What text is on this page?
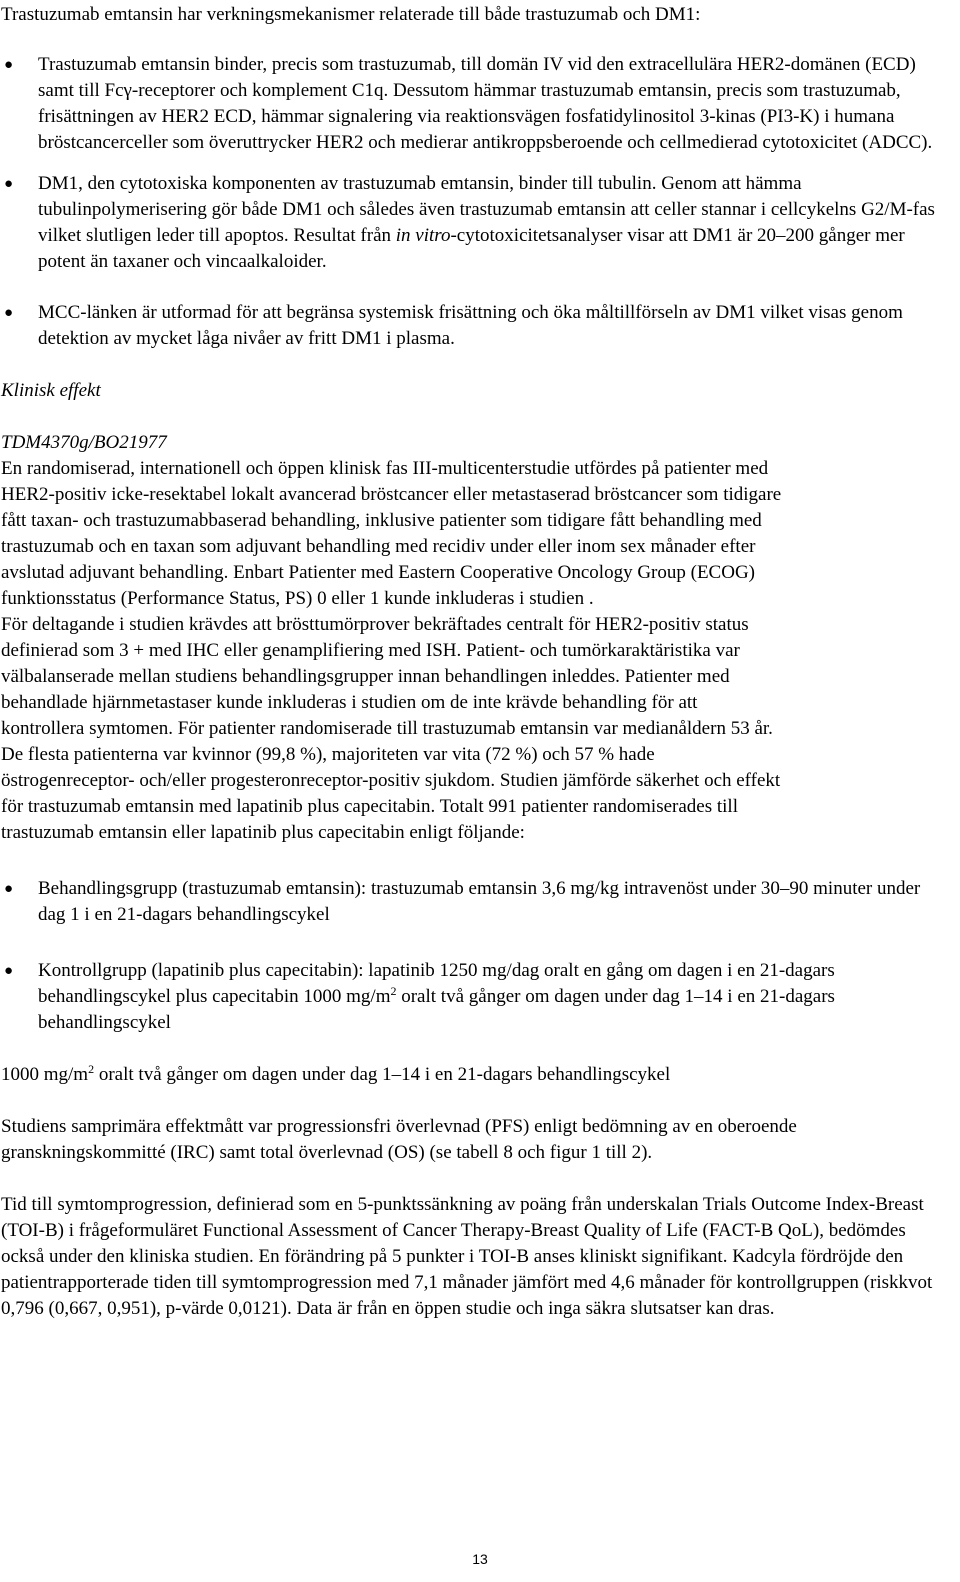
Trastuzumab emtansin har verkningsmekanismer relaterade till både trastuzumab och DM1:

● Trastuzumab emtansin binder, precis som trastuzumab, till domän IV vid den extracellulära HER2-domänen (ECD) samt till Fcγ-receptorer och komplement C1q. Dessutom hämmar trastuzumab emtansin, precis som trastuzumab, frisättningen av HER2 ECD, hämmar signalering via reaktionsvägen fosfatidylinositol 3-kinas (PI3-K) i humana bröstcancerceller som överuttrycker HER2 och medierar antikroppsberoende och cellmedierad cytotoxicitet (ADCC).
● DM1, den cytotoxiska komponenten av trastuzumab emtansin, binder till tubulin. Genom att hämma tubulinpolymerisering gör både DM1 och således även trastuzumab emtansin att celler stannar i cellcykelns G2/M-fas vilket slutligen leder till apoptos. Resultat från in vitro-cytotoxicitetsanalyser visar att DM1 är 20–200 gånger mer potent än taxaner och vincaalkaloider.
● MCC-länken är utformad för att begränsa systemisk frisättning och öka måltillförseln av DM1 vilket visas genom detektion av mycket låga nivåer av fritt DM1 i plasma.

Klinisk effekt

TDM4370g/BO21977

En randomiserad, internationell och öppen klinisk fas III-multicenterstudie utfördes på patienter med
HER2-positiv icke-resektabel lokalt avancerad bröstcancer eller metastaserad bröstcancer som tidigare
fått taxan- och trastuzumabbaserad behandling, inklusive patienter som tidigare fått behandling med
trastuzumab och en taxan som adjuvant behandling med recidiv under eller inom sex månader efter
avslutad adjuvant behandling. Enbart Patienter med Eastern Cooperative Oncology Group (ECOG)
funktionsstatus (Performance Status, PS) 0 eller 1 kunde inkluderas i studien .
För deltagande i studien krävdes att brösttumörprover bekräftades centralt för HER2-positiv status
definierad som 3 + med IHC eller genamplifiering med ISH. Patient- och tumörkaraktäristika var
välbalanserade mellan studiens behandlingsgrupper innan behandlingen inleddes. Patienter med
behandlade hjärnmetastaser kunde inkluderas i studien om de inte krävde behandling för att
kontrollera symtomen. För patienter randomiserade till trastuzumab emtansin var medianåldern 53 år.
De flesta patienterna var kvinnor (99,8 %), majoriteten var vita (72 %) och 57 % hade
östrogenreceptor- och/eller progesteronreceptor-positiv sjukdom. Studien jämförde säkerhet och effekt
för trastuzumab emtansin med lapatinib plus capecitabin. Totalt 991 patienter randomiserades till
trastuzumab emtansin eller lapatinib plus capecitabin enligt följande:
● Behandlingsgrupp (trastuzumab emtansin): trastuzumab emtansin 3,6 mg/kg intravenöst under 30–90 minuter under dag 1 i en 21-dagars behandlingscykel
● Kontrollgrupp (lapatinib plus capecitabin): lapatinib 1250 mg/dag oralt en gång om dagen i en 21-dagars behandlingscykel plus capecitabin 1000 $mg/m^2$ oralt två gånger om dagen under dag 1–14 i en 21-dagars behandlingscykel

1000 $mg/m^2$ oralt två gånger om dagen under dag 1–14 i en 21-dagars behandlingscykel

Studiens samprimära effektmått var progressionsfri överlevnad (PFS) enligt bedömning av en oberoende granskningskommitté (IRC) samt total överlevnad (OS) (se tabell 8 och figur 1 till 2).

Tid till symtomprogression, definierad som en 5-punktssänkning av poäng från underskalan Trials Outcome Index-Breast (TOI-B) i frågeformuläret Functional Assessment of Cancer Therapy-Breast Quality of Life (FACT-B QoL), bedömdes också under den kliniska studien. En förändring på 5 punkter i TOI-B anses kliniskt signifikant. Kadcyla fördröjde den patientrapporterade tiden till symtomprogression med 7,1 månader jämfört med 4,6 månader för kontrollgruppen (riskkvot 0,796 (0,667, 0,951), p-värde 0,0121). Data är från en öppen studie och inga säkra slutsatser kan dras.

13
